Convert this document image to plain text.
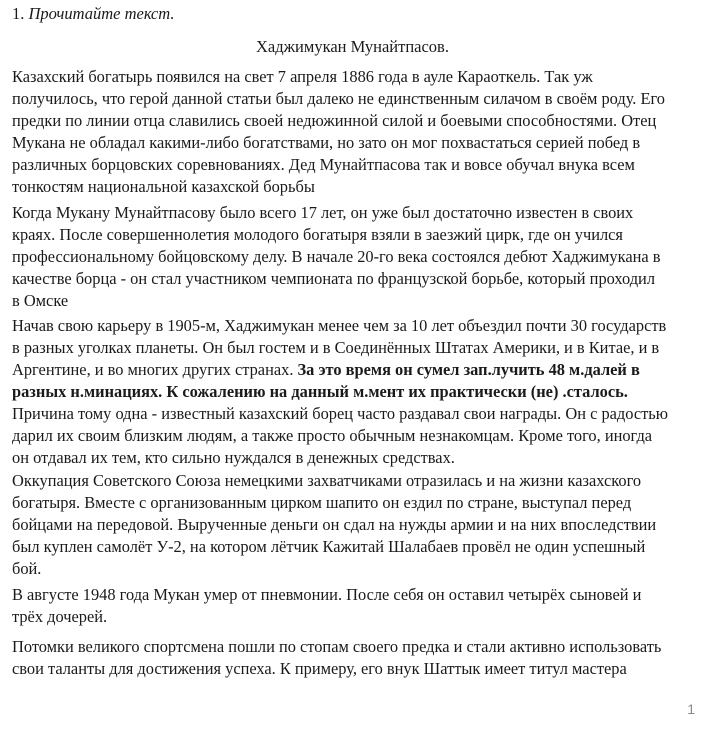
1. Прочитайте текст.
Хаджимукан Мунайтпасов.
Казахский богатырь появился на свет 7 апреля 1886 года в ауле Караоткель. Так уж
получилось, что герой данной статьи был далеко не единственным силачом в своём роду. Его
предки по линии отца славились своей недюжинной силой и боевыми способностями. Отец
Мукана не обладал какими-либо богатствами, но зато он мог похвастаться серией побед в
различных борцовских соревнованиях. Дед Мунайтпасова так и вовсе обучал внука всем
тонкостям национальной казахской борьбы
Когда Мукану Мунайтпасову было всего 17 лет, он уже был достаточно известен в своих
краях. После совершеннолетия молодого богатыря взяли в заезжий цирк, где он учился
профессиональному бойцовскому делу. В начале 20-го века состоялся дебют Хаджимукана в
качестве борца - он стал участником чемпионата по французской борьбе, который проходил
в Омске
Начав свою карьеру в 1905-м, Хаджимукан менее чем за 10 лет объездил почти 30 государств
в разных уголках планеты. Он был гостем и в Соединённых Штатах Америки, и в Китае, и в
Аргентине, и во многих других странах. За это время он сумел зап.лучить 48 м.далей в
разных н.минациях. К сожалению на данный м.мент их практически (не) .сталось.
Причина тому одна - известный казахский борец часто раздавал свои награды. Он с радостью
дарил их своим близким людям, а также просто обычным незнакомцам. Кроме того, иногда
он отдавал их тем, кто сильно нуждался в денежных средствах.
Оккупация Советского Союза немецкими захватчиками отразилась и на жизни казахского
богатыря. Вместе с организованным цирком шапито он ездил по стране, выступал перед
бойцами на передовой. Вырученные деньги он сдал на нужды армии и на них впоследствии
был куплен самолёт У-2, на котором лётчик Кажитай Шалабаев провёл не один успешный
бой.
В августе 1948 года Мукан умер от пневмонии. После себя он оставил четырёх сыновей и
трёх дочерей.
Потомки великого спортсмена пошли по стопам своего предка и стали активно использовать
свои таланты для достижения успеха. К примеру, его внук Шаттык имеет титул мастера
1
